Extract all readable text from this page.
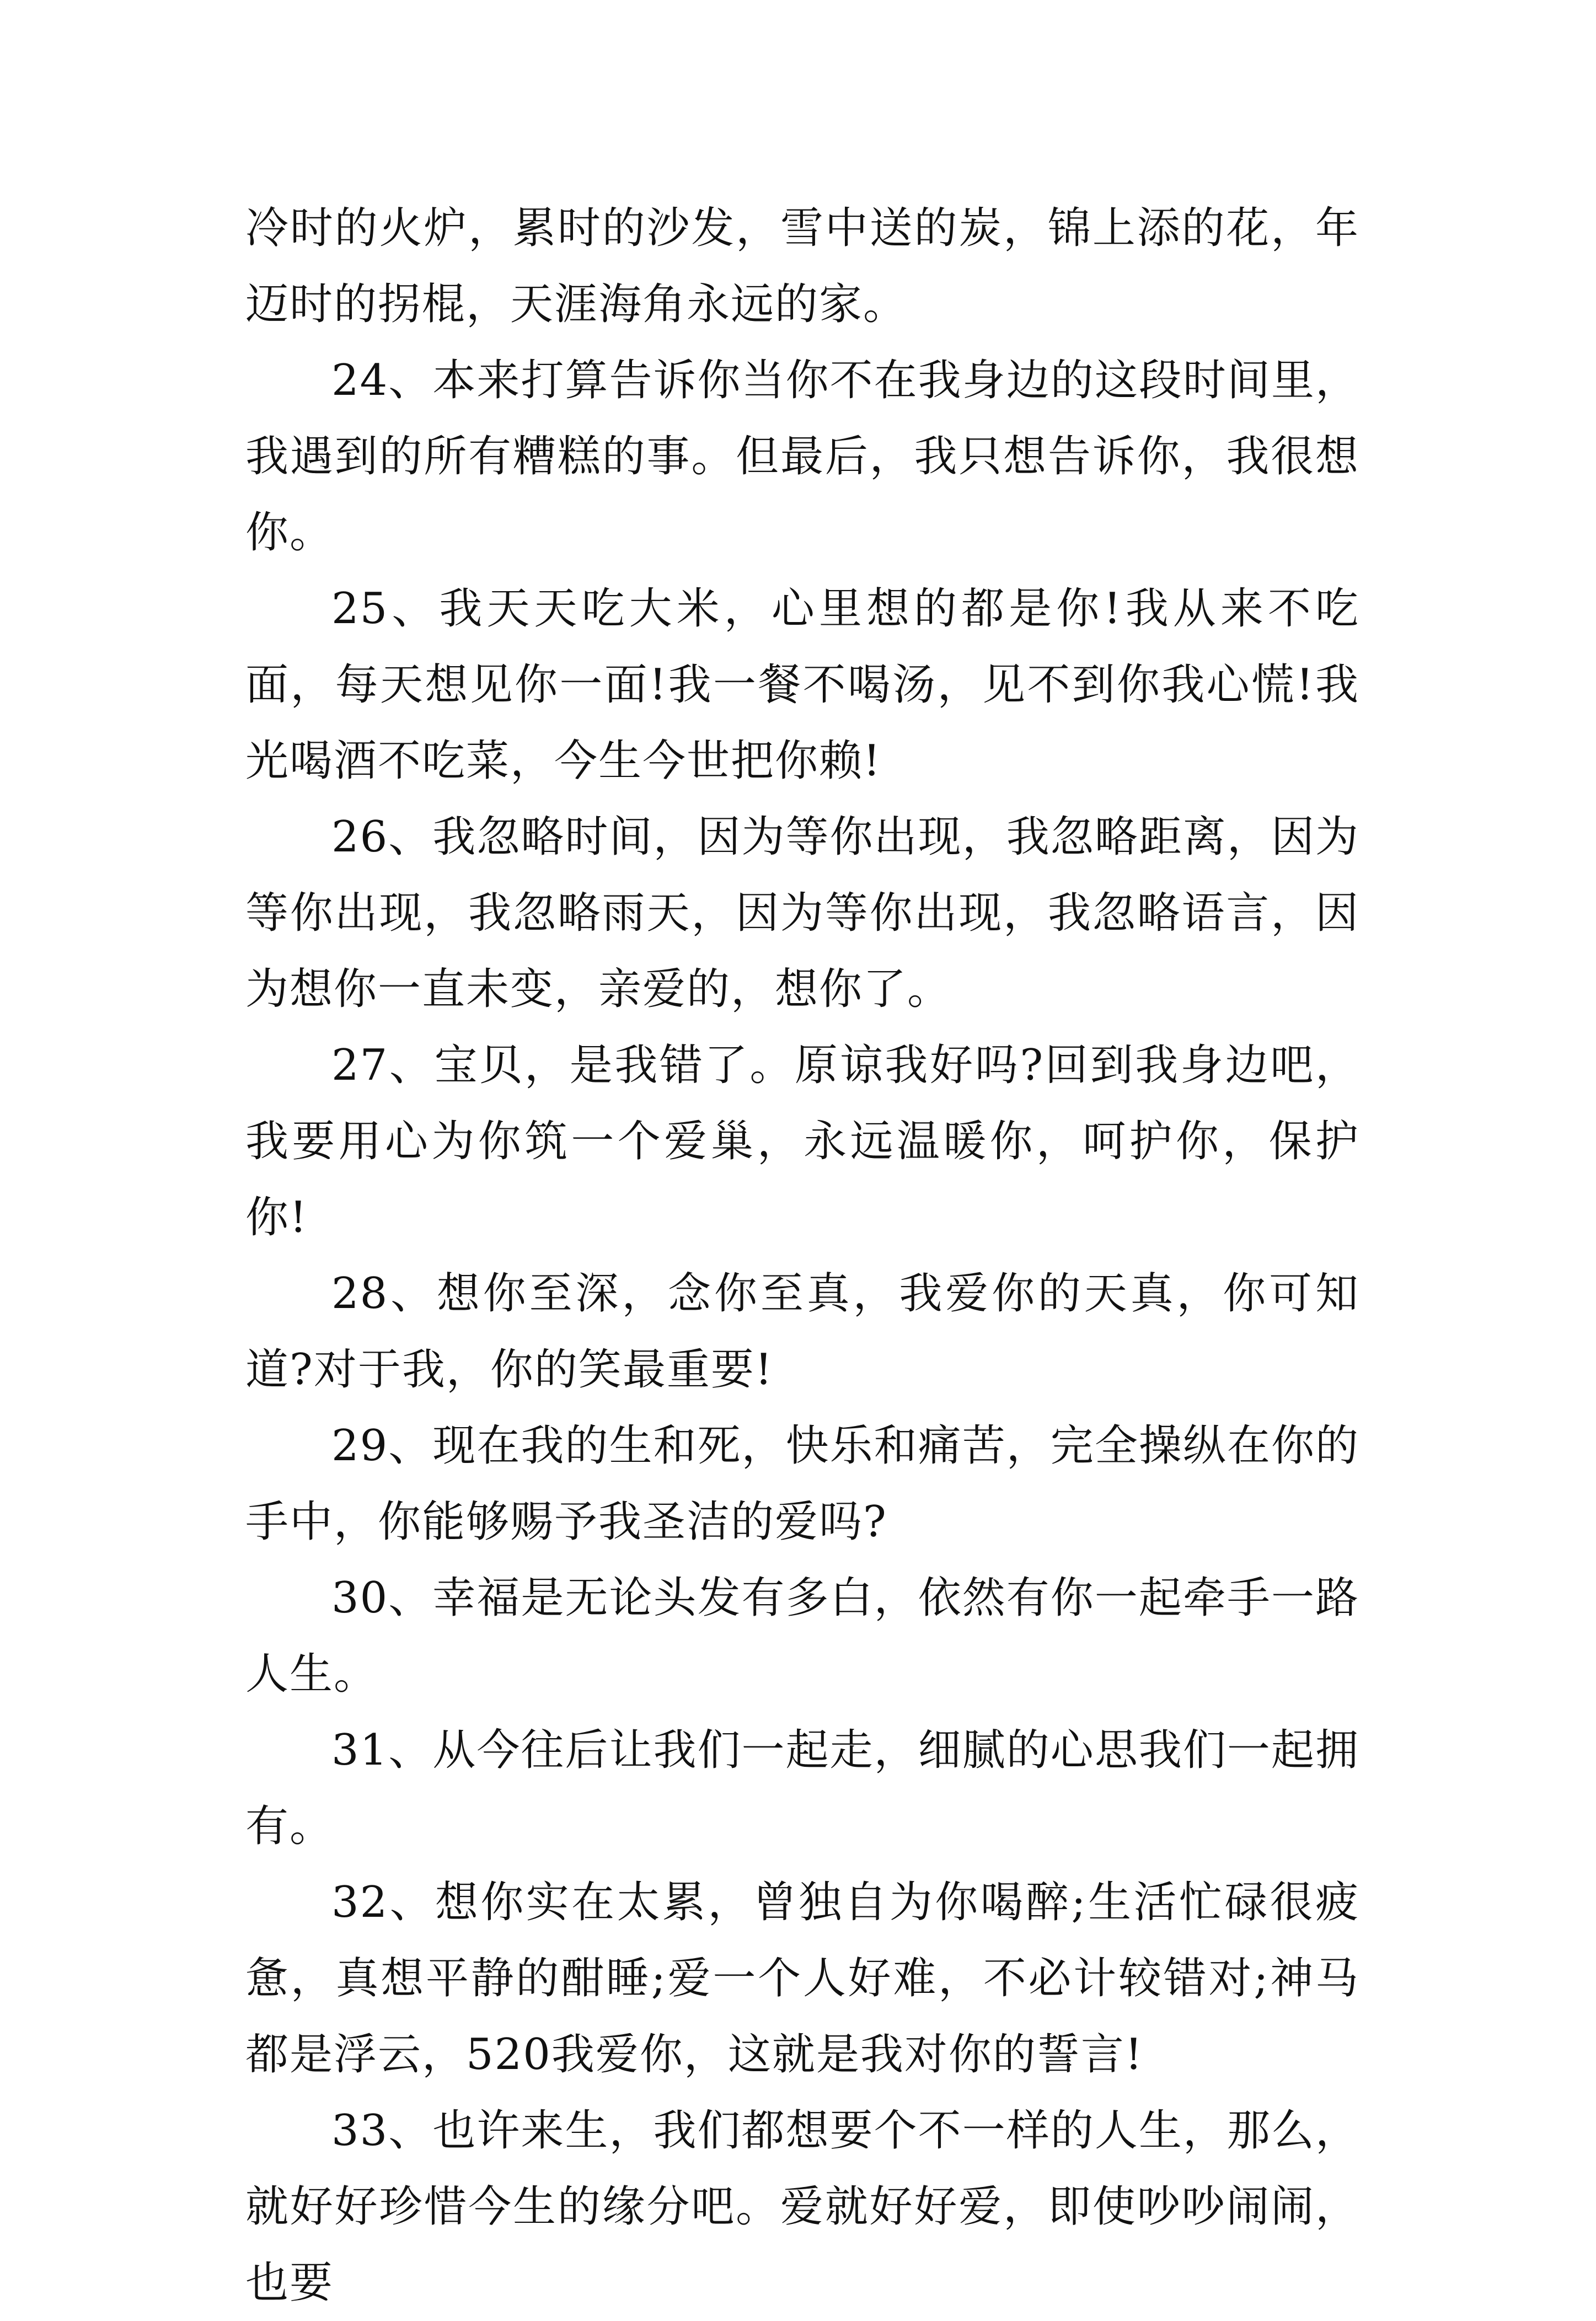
冷时的火炉，累时的沙发，雪中送的炭，锦上添的花，年迈时的拐棍，天涯海角永远的家。

24、本来打算告诉你当你不在我身边的这段时间里，我遇到的所有糟糕的事。但最后，我只想告诉你，我很想你。

25、我天天吃大米，心里想的都是你!我从来不吃面，每天想见你一面!我一餐不喝汤，见不到你我心慌!我光喝酒不吃菜，今生今世把你赖!

26、我忽略时间，因为等你出现，我忽略距离，因为等你出现，我忽略雨天，因为等你出现，我忽略语言，因为想你一直未变，亲爱的，想你了。

27、宝贝，是我错了。原谅我好吗?回到我身边吧，我要用心为你筑一个爱巢，永远温暖你，呵护你，保护你!

28、想你至深，念你至真，我爱你的天真，你可知道?对于我，你的笑最重要!

29、现在我的生和死，快乐和痛苦，完全操纵在你的手中，你能够赐予我圣洁的爱吗?

30、幸福是无论头发有多白，依然有你一起牵手一路人生。

31、从今往后让我们一起走，细腻的心思我们一起拥有。

32、想你实在太累，曾独自为你喝醉;生活忙碌很疲惫，真想平静的酣睡;爱一个人好难，不必计较错对;神马都是浮云，520我爱你，这就是我对你的誓言!

33、也许来生，我们都想要个不一样的人生，那么，就好好珍惜今生的缘分吧。爱就好好爱，即使吵吵闹闹，也要
